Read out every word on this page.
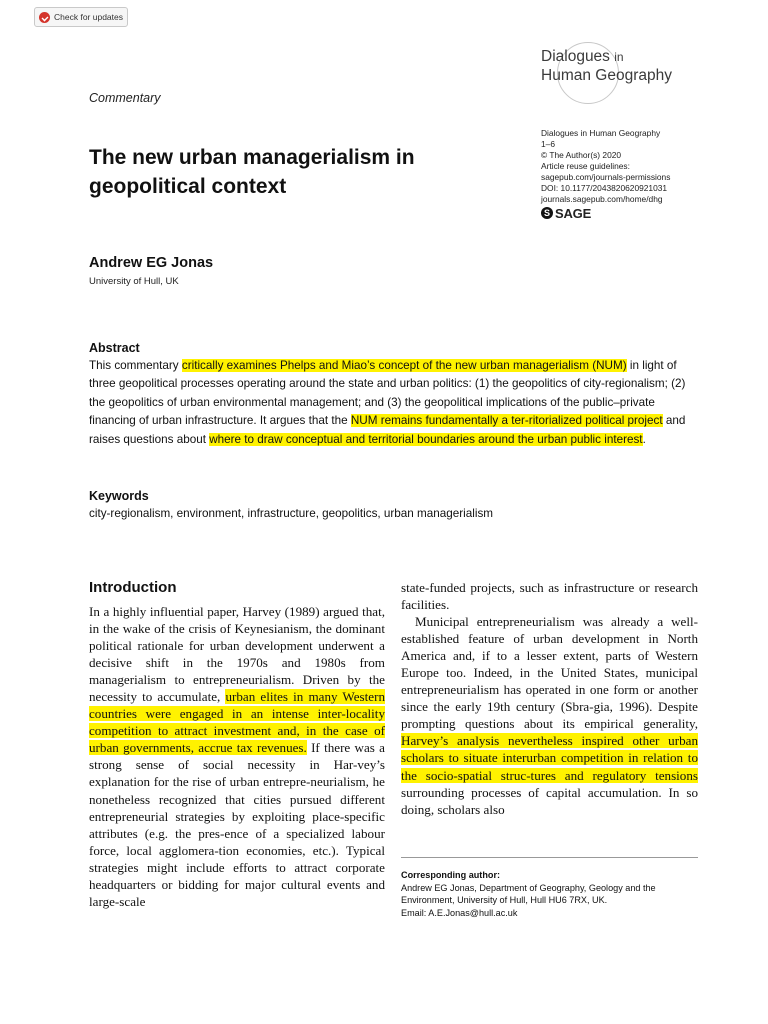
Check for updates
Dialogues in
Human Geography
Commentary
The new urban managerialism in geopolitical context
Dialogues in Human Geography
1–6
© The Author(s) 2020
Article reuse guidelines:
sagepub.com/journals-permissions
DOI: 10.1177/2043820620921031
journals.sagepub.com/home/dhg
S SAGE
Andrew EG Jonas
University of Hull, UK
Abstract

This commentary critically examines Phelps and Miao’s concept of the new urban managerialism (NUM) in light of three geopolitical processes operating around the state and urban politics: (1) the geopolitics of city-regionalism; (2) the geopolitics of urban environmental management; and (3) the geopolitical implications of the public–private financing of urban infrastructure. It argues that the NUM remains fundamentally a ter-ritorialized political project and raises questions about where to draw conceptual and territorial boundaries around the urban public interest.

Keywords
city-regionalism, environment, infrastructure, geopolitics, urban managerialism
Introduction

In a highly influential paper, Harvey (1989) argued that, in the wake of the crisis of Keynesianism, the dominant political rationale for urban development underwent a decisive shift in the 1970s and 1980s from managerialism to entrepreneurialism. Driven by the necessity to accumulate, urban elites in many Western countries were engaged in an intense inter-locality competition to attract investment and, in the case of urban governments, accrue tax revenues. If there was a strong sense of social necessity in Har-vey’s explanation for the rise of urban entrepre-neurialism, he nonetheless recognized that cities pursued different entrepreneurial strategies by exploiting place-specific attributes (e.g. the pres-ence of a specialized labour force, local agglomera-tion economies, etc.). Typical strategies might include efforts to attract corporate headquarters or bidding for major cultural events and large-scale

state-funded projects, such as infrastructure or research facilities.

Municipal entrepreneurialism was already a well-established feature of urban development in North America and, if to a lesser extent, parts of Western Europe too. Indeed, in the United States, municipal entrepreneurialism has operated in one form or another since the early 19th century (Sbra-gia, 1996). Despite prompting questions about its empirical generality, Harvey’s analysis nevertheless inspired other urban scholars to situate interurban competition in relation to the socio-spatial struc-tures and regulatory tensions surrounding processes of capital accumulation. In so doing, scholars also

Corresponding author:
Andrew EG Jonas, Department of Geography, Geology and the Environment, University of Hull, Hull HU6 7RX, UK.
Email: A.E.Jonas@hull.ac.uk
